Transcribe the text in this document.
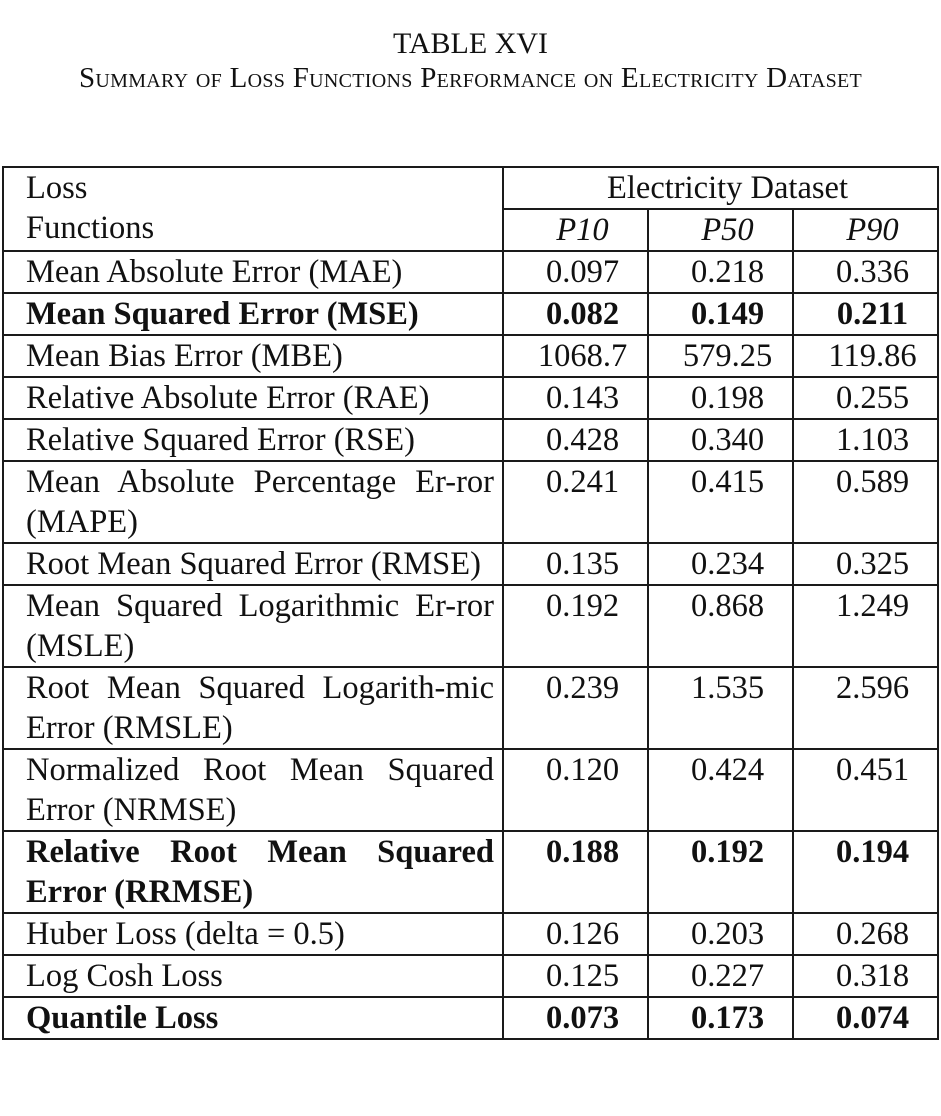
TABLE XVI
Summary of Loss Functions Performance on Electricity Dataset
Loss
Functions	Electricity Dataset		
	P10	P50	P90
Mean Absolute Error (MAE)	0.097	0.218	0.336
Mean Squared Error (MSE)	0.082	0.149	0.211
Mean Bias Error (MBE)	1068.7	579.25	119.86
Relative Absolute Error (RAE)	0.143	0.198	0.255
Relative Squared Error (RSE)	0.428	0.340	1.103
Mean Absolute Percentage Er-ror (MAPE)	0.241	0.415	0.589
Root Mean Squared Error (RMSE)	0.135	0.234	0.325
Mean Squared Logarithmic Er-ror (MSLE)	0.192	0.868	1.249
Root Mean Squared Logarith-mic Error (RMSLE)	0.239	1.535	2.596
Normalized Root Mean Squared Error (NRMSE)	0.120	0.424	0.451
Relative Root Mean Squared Error (RRMSE)	0.188	0.192	0.194
Huber Loss (delta = 0.5)	0.126	0.203	0.268
Log Cosh Loss	0.125	0.227	0.318
Quantile Loss	0.073	0.173	0.074
